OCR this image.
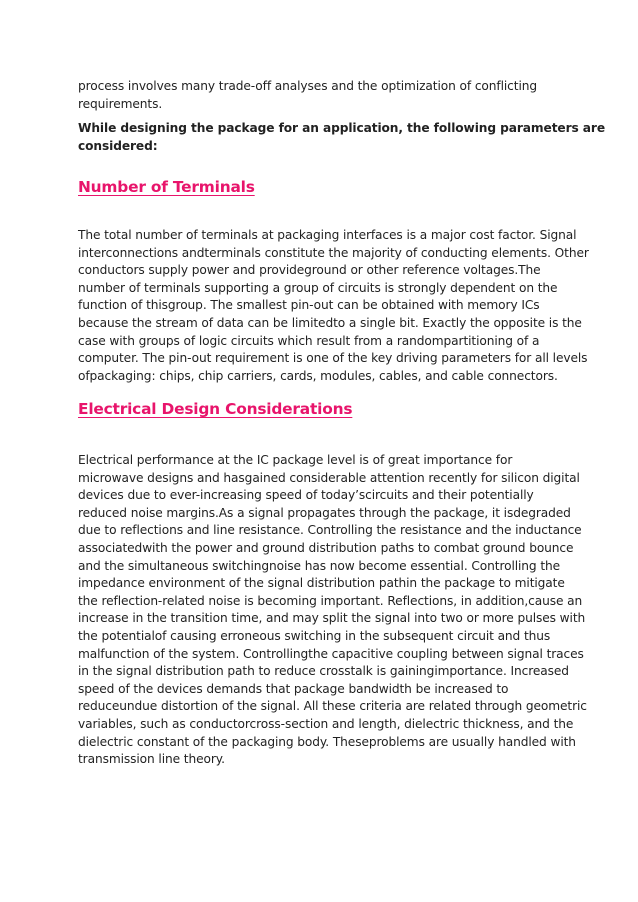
process involves many trade-off analyses and the optimization of conflicting
requirements.

While designing the package for an application, the following parameters are
considered:

Number of Terminals

The total number of terminals at packaging interfaces is a major cost factor. Signal
interconnections andterminals constitute the majority of conducting elements. Other
conductors supply power and provideground or other reference voltages.The
number of terminals supporting a group of circuits is strongly dependent on the
function of thisgroup. The smallest pin-out can be obtained with memory ICs
because the stream of data can be limitedto a single bit. Exactly the opposite is the
case with groups of logic circuits which result from a randompartitioning of a
computer. The pin-out requirement is one of the key driving parameters for all levels
ofpackaging: chips, chip carriers, cards, modules, cables, and cable connectors.

Electrical Design Considerations

Electrical performance at the IC package level is of great importance for
microwave designs and hasgained considerable attention recently for silicon digital
devices due to ever-increasing speed of today’scircuits and their potentially
reduced noise margins.As a signal propagates through the package, it isdegraded
due to reflections and line resistance. Controlling the resistance and the inductance
associatedwith the power and ground distribution paths to combat ground bounce
and the simultaneous switchingnoise has now become essential. Controlling the
impedance environment of the signal distribution pathin the package to mitigate
the reflection-related noise is becoming important. Reflections, in addition,cause an
increase in the transition time, and may split the signal into two or more pulses with
the potentialof causing erroneous switching in the subsequent circuit and thus
malfunction of the system. Controllingthe capacitive coupling between signal traces
in the signal distribution path to reduce crosstalk is gainingimportance. Increased
speed of the devices demands that package bandwidth be increased to
reduceundue distortion of the signal. All these criteria are related through geometric
variables, such as conductorcross-section and length, dielectric thickness, and the
dielectric constant of the packaging body. Theseproblems are usually handled with
transmission line theory.
